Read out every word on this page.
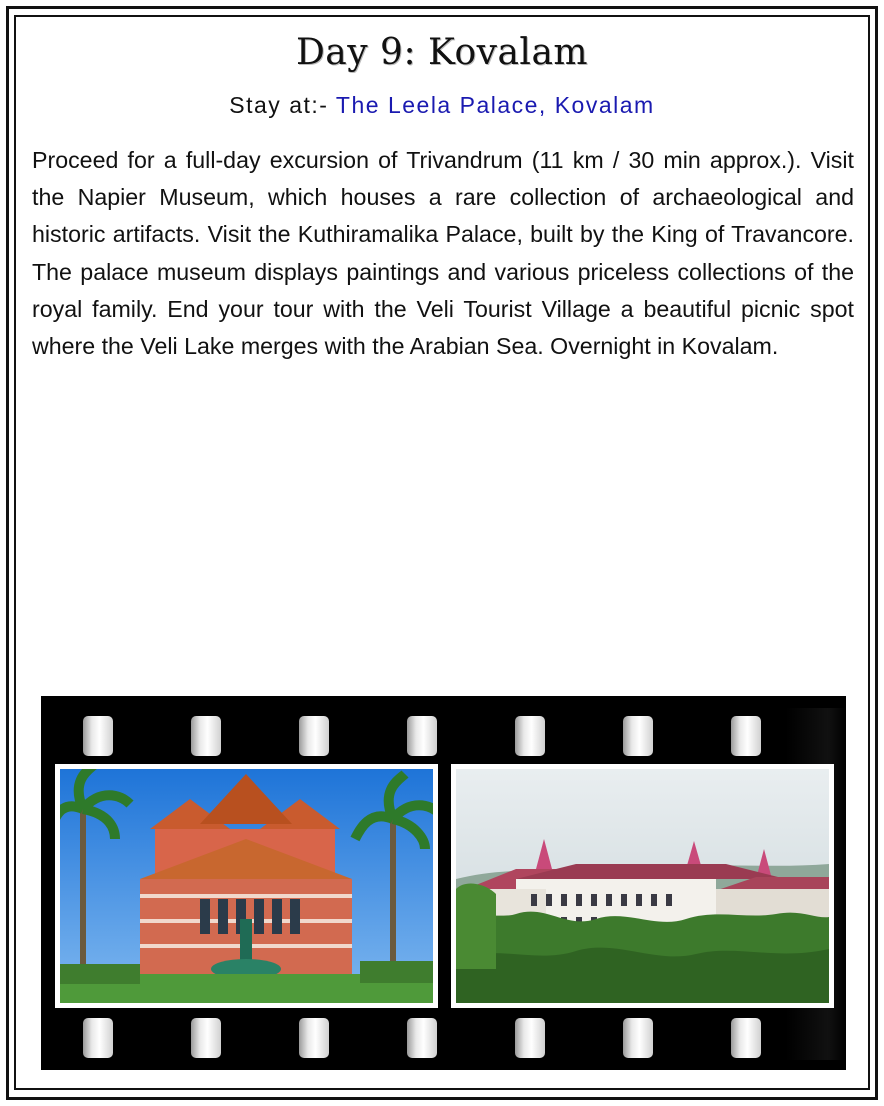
Day 9: Kovalam
Stay at:- The Leela Palace, Kovalam

Proceed for a full-day excursion of Trivandrum (11 km / 30 min approx.). Visit the Napier Museum, which houses a rare collection of archaeological and historic artifacts. Visit the Kuthiramalika Palace, built by the King of Travancore. The palace museum displays paintings and various priceless collections of the royal family. End your tour with the Veli Tourist Village a beautiful picnic spot where the Veli Lake merges with the Arabian Sea. Overnight in Kovalam.
